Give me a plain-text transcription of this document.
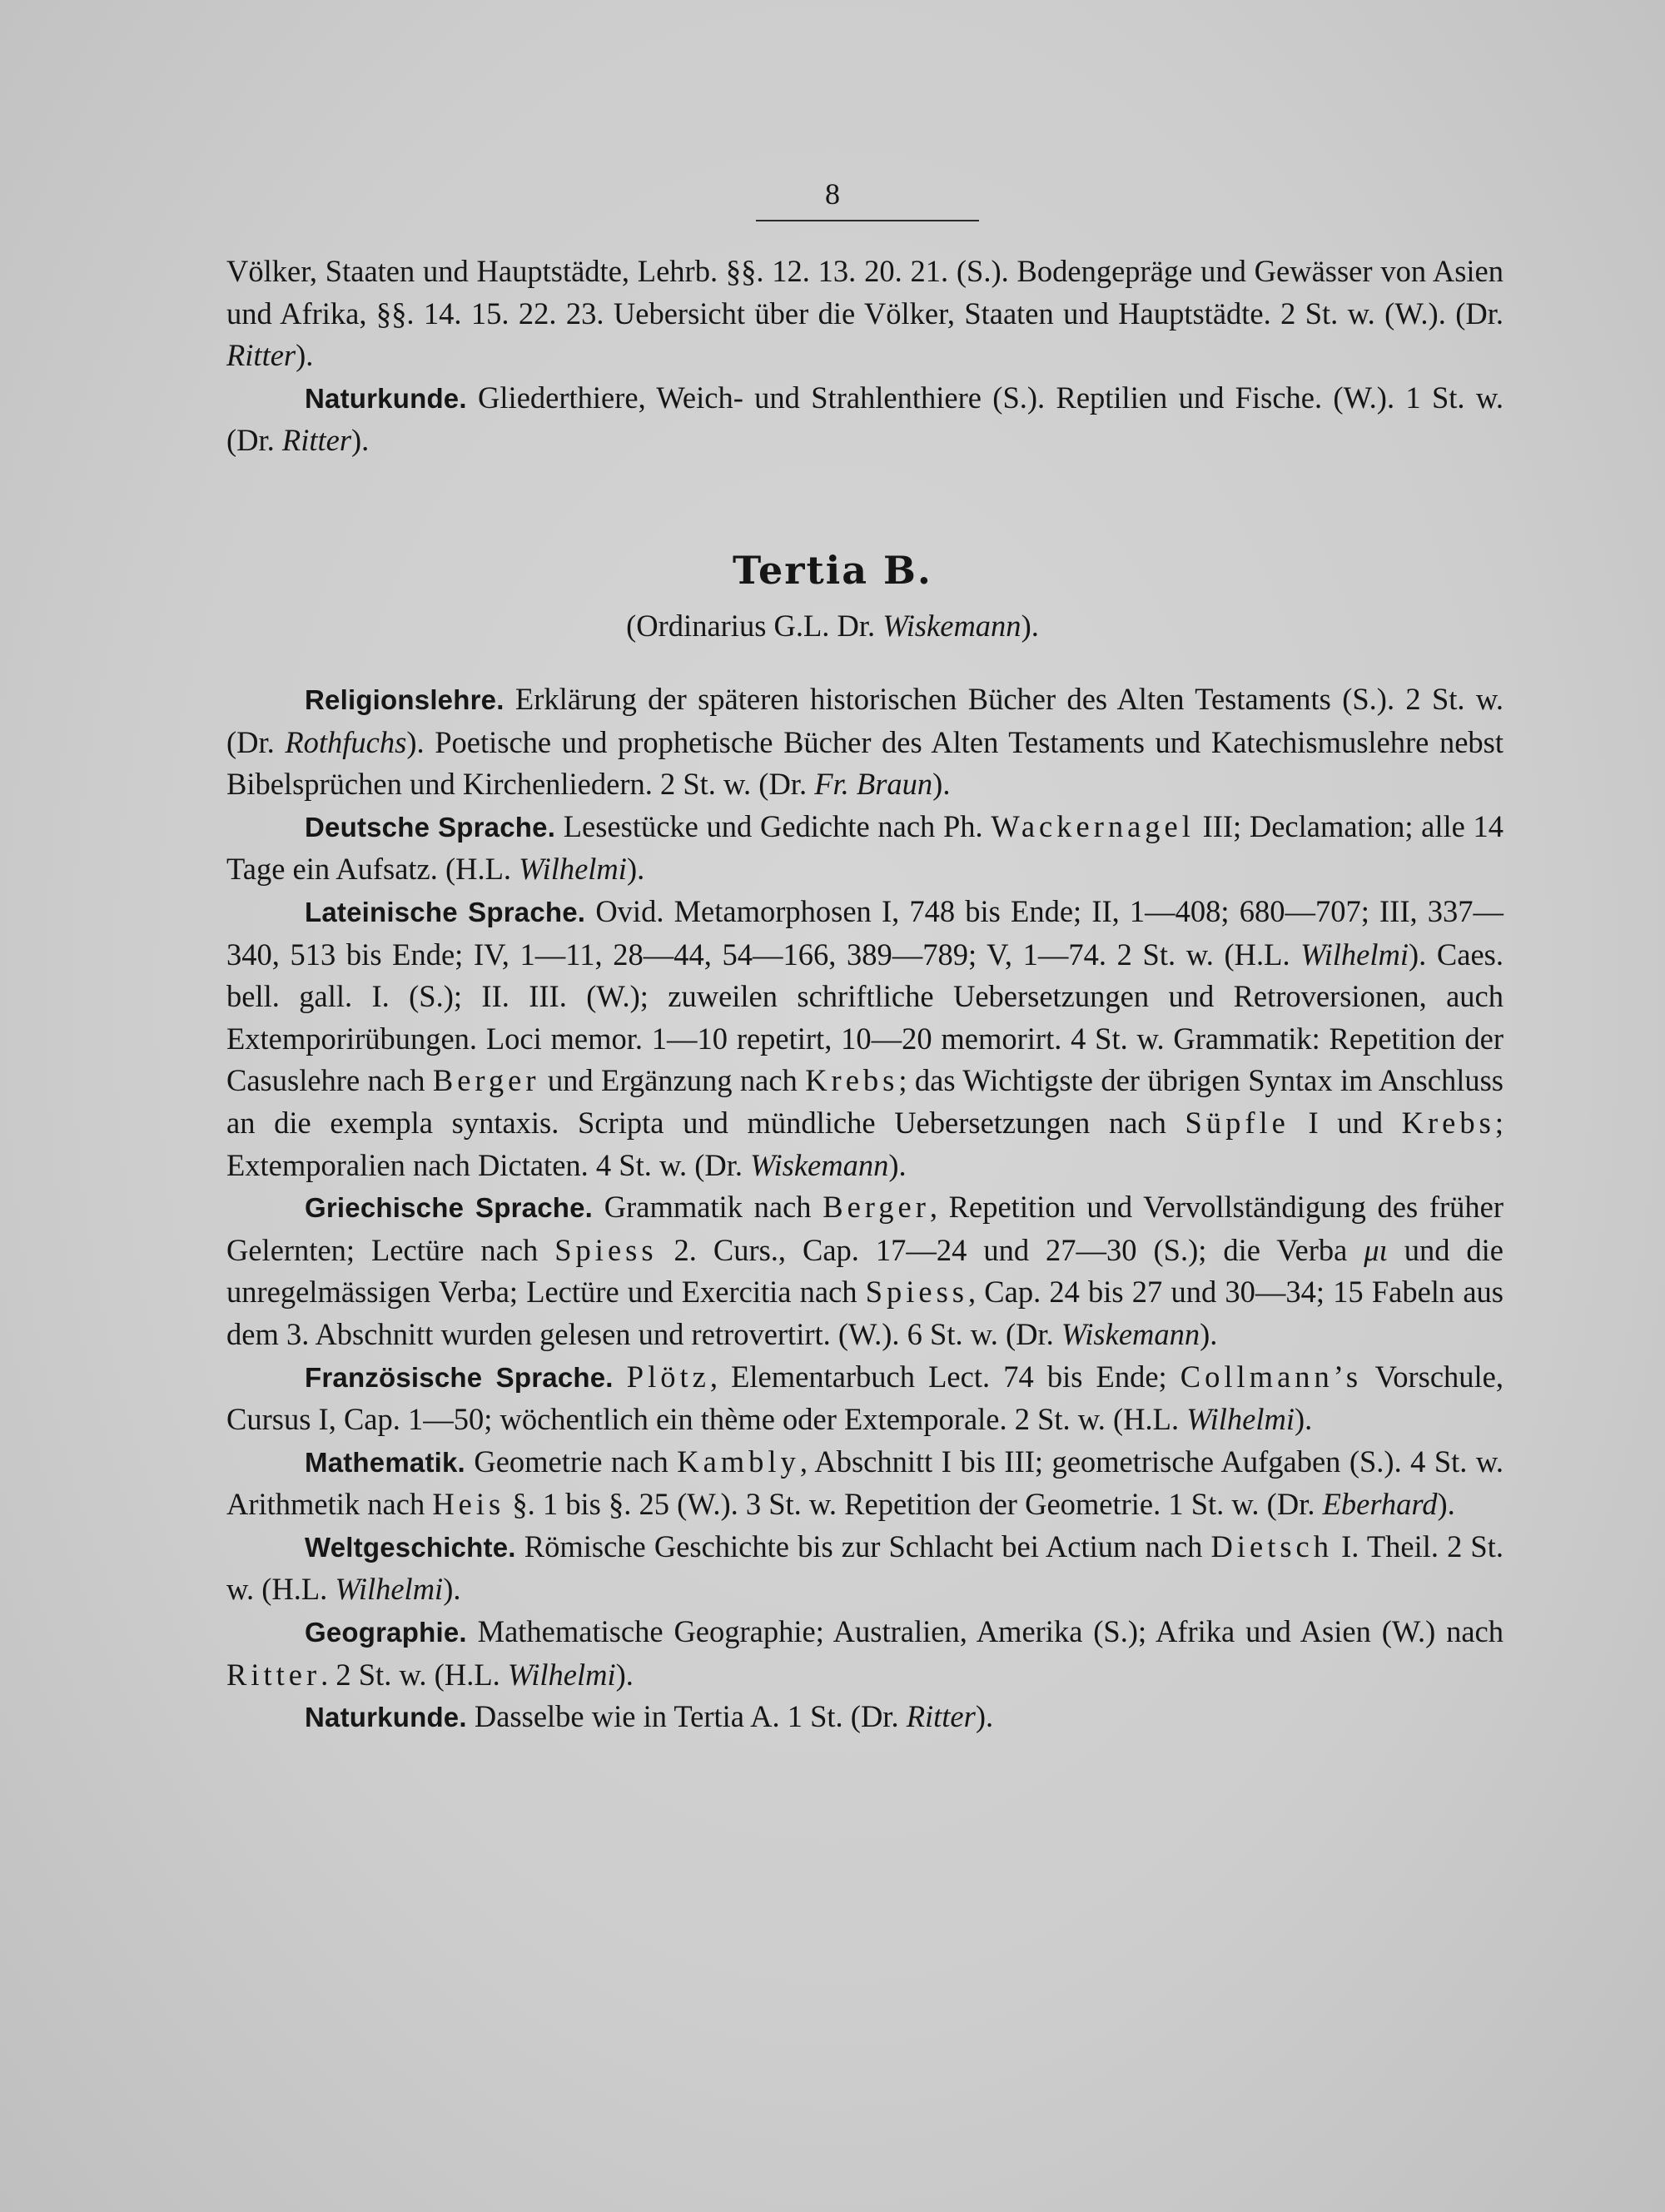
8

Völker, Staaten und Hauptstädte, Lehrb. §§. 12. 13. 20. 21. (S.). Bodengepräge und Gewässer von Asien und Afrika, §§. 14. 15. 22. 23. Uebersicht über die Völker, Staaten und Hauptstädte. 2 St. w. (W.). (Dr. Ritter).

Naturkunde. Gliederthiere, Weich- und Strahlenthiere (S.). Reptilien und Fische. (W.). 1 St. w. (Dr. Ritter).

Tertia B.
(Ordinarius G.L. Dr. Wiskemann).

Religionslehre. Erklärung der späteren historischen Bücher des Alten Testaments (S.). 2 St. w. (Dr. Rothfuchs). Poetische und prophetische Bücher des Alten Testaments und Katechismuslehre nebst Bibelsprüchen und Kirchenliedern. 2 St. w. (Dr. Fr. Braun).

Deutsche Sprache. Lesestücke und Gedichte nach Ph. Wackernagel III; Declamation; alle 14 Tage ein Aufsatz. (H.L. Wilhelmi).

Lateinische Sprache. Ovid. Metamorphosen I, 748 bis Ende; II, 1—408; 680—707; III, 337—340, 513 bis Ende; IV, 1—11, 28—44, 54—166, 389—789; V, 1—74. 2 St. w. (H.L. Wilhelmi). Caes. bell. gall. I. (S.); II. III. (W.); zuweilen schriftliche Uebersetzungen und Retroversionen, auch Extemporirübungen. Loci memor. 1—10 repetirt, 10—20 memorirt. 4 St. w. Grammatik: Repetition der Casuslehre nach Berger und Ergänzung nach Krebs; das Wichtigste der übrigen Syntax im Anschluss an die exempla syntaxis. Scripta und mündliche Uebersetzungen nach Süpfle I und Krebs; Extemporalien nach Dictaten. 4 St. w. (Dr. Wiskemann).

Griechische Sprache. Grammatik nach Berger, Repetition und Vervollständigung des früher Gelernten; Lectüre nach Spiess 2. Curs., Cap. 17—24 und 27—30 (S.); die Verba μι und die unregelmässigen Verba; Lectüre und Exercitia nach Spiess, Cap. 24 bis 27 und 30—34; 15 Fabeln aus dem 3. Abschnitt wurden gelesen und retrovertirt. (W.). 6 St. w. (Dr. Wiskemann).

Französische Sprache. Plötz, Elementarbuch Lect. 74 bis Ende; Collmann’s Vorschule, Cursus I, Cap. 1—50; wöchentlich ein thème oder Extemporale. 2 St. w. (H.L. Wilhelmi).

Mathematik. Geometrie nach Kambly, Abschnitt I bis III; geometrische Aufgaben (S.). 4 St. w. Arithmetik nach Heis §. 1 bis §. 25 (W.). 3 St. w. Repetition der Geometrie. 1 St. w. (Dr. Eberhard).

Weltgeschichte. Römische Geschichte bis zur Schlacht bei Actium nach Dietsch I. Theil. 2 St. w. (H.L. Wilhelmi).

Geographie. Mathematische Geographie; Australien, Amerika (S.); Afrika und Asien (W.) nach Ritter. 2 St. w. (H.L. Wilhelmi).

Naturkunde. Dasselbe wie in Tertia A. 1 St. (Dr. Ritter).
